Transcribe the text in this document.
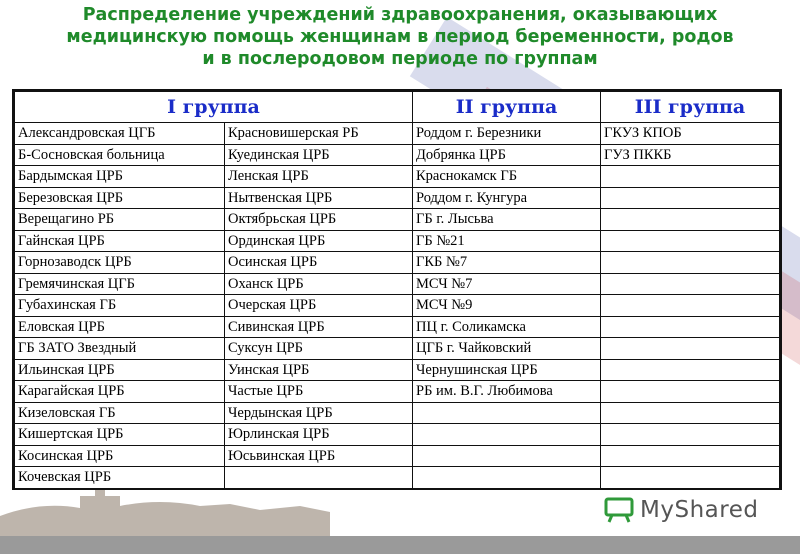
Распределение учреждений здравоохранения, оказывающих
медицинскую помощь женщинам в период беременности, родов
и в послеродовом периоде по группам
I группа		II группа	III группа
Александровская ЦГБ	Красновишерская РБ	Роддом г. Березники	ГКУЗ КПОБ
Б-Сосновская больница	Куединская ЦРБ	Добрянка ЦРБ	ГУЗ ПККБ
Бардымская ЦРБ	Ленская ЦРБ	Краснокамск ГБ	
Березовская ЦРБ	Нытвенская ЦРБ	Роддом г. Кунгура	
Верещагино РБ	Октябрьская ЦРБ	ГБ г. Лысьва	
Гайнская ЦРБ	Ординская ЦРБ	ГБ №21	
Горнозаводск ЦРБ	Осинская ЦРБ	ГКБ №7	
Гремячинская ЦГБ	Оханск ЦРБ	МСЧ №7	
Губахинская ГБ	Очерская ЦРБ	МСЧ №9	
Еловская ЦРБ	Сивинская ЦРБ	ПЦ г. Соликамска	
ГБ ЗАТО Звездный	Суксун ЦРБ	ЦГБ г. Чайковский	
Ильинская ЦРБ	Уинская ЦРБ	Чернушинская ЦРБ	
Карагайская ЦРБ	Частые ЦРБ	РБ им. В.Г. Любимова	
Кизеловская ГБ	Чердынская ЦРБ		
Кишертская ЦРБ	Юрлинская ЦРБ		
Косинская ЦРБ	Юсьвинская ЦРБ		
Кочевская ЦРБ			
MyShared
